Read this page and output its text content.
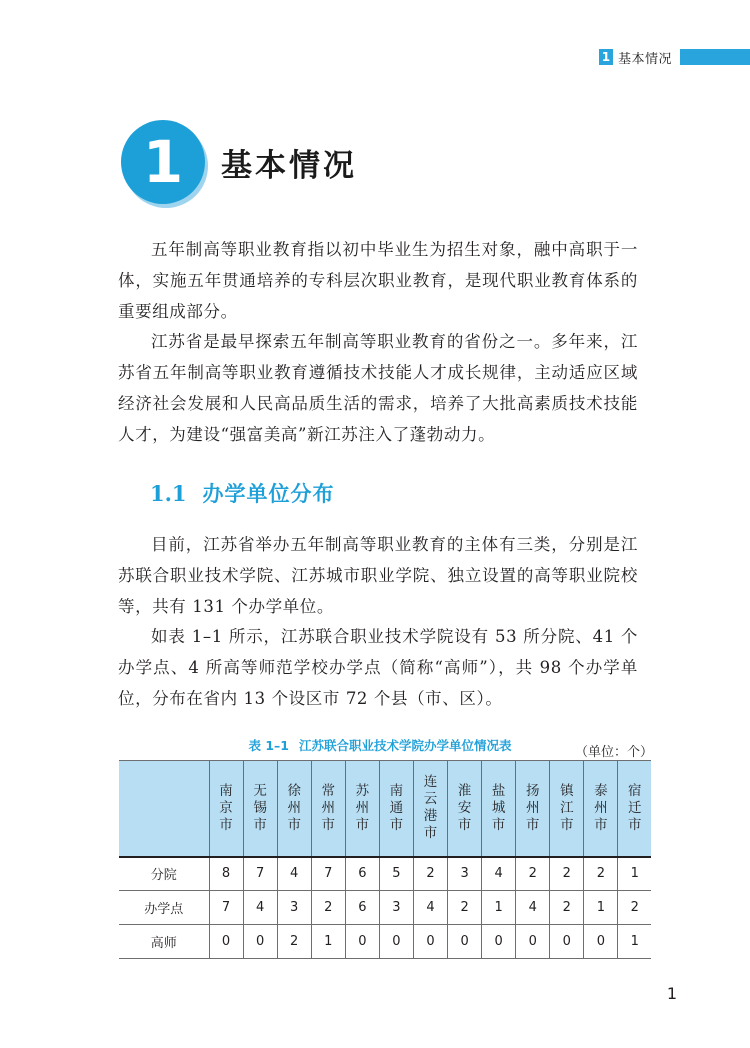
1 基本情况
1	基本情况

五年制高等职业教育指以初中毕业生为招生对象，融中高职于一体，实施五年贯通培养的专科层次职业教育，是现代职业教育体系的重要组成部分。

江苏省是最早探索五年制高等职业教育的省份之一。多年来，江苏省五年制高等职业教育遵循技术技能人才成长规律，主动适应区域经济社会发展和人民高品质生活的需求，培养了大批高素质技术技能人才，为建设“强富美高”新江苏注入了蓬勃动力。

1.1 办学单位分布

目前，江苏省举办五年制高等职业教育的主体有三类，分别是江苏联合职业技术学院、江苏城市职业学院、独立设置的高等职业院校等，共有 131 个办学单位。

如表 1–1 所示，江苏联合职业技术学院设有 53 所分院、41 个办学点、4 所高等师范学校办学点（简称“高师”），共 98 个办学单位，分布在省内 13 个设区市 72 个县（市、区）。

表 1–1 江苏联合职业技术学院办学单位情况表	（单位：个）
	南京市	无锡市	徐州市	常州市	苏州市	南通市	连云港市	淮安市	盐城市	扬州市	镇江市	泰州市	宿迁市
分院	8	7	4	7	6	5	2	3	4	2	2	2	1
办学点	7	4	3	2	6	3	4	2	1	4	2	1	2
高师	0	0	2	1	0	0	0	0	0	0	0	0	1
1
